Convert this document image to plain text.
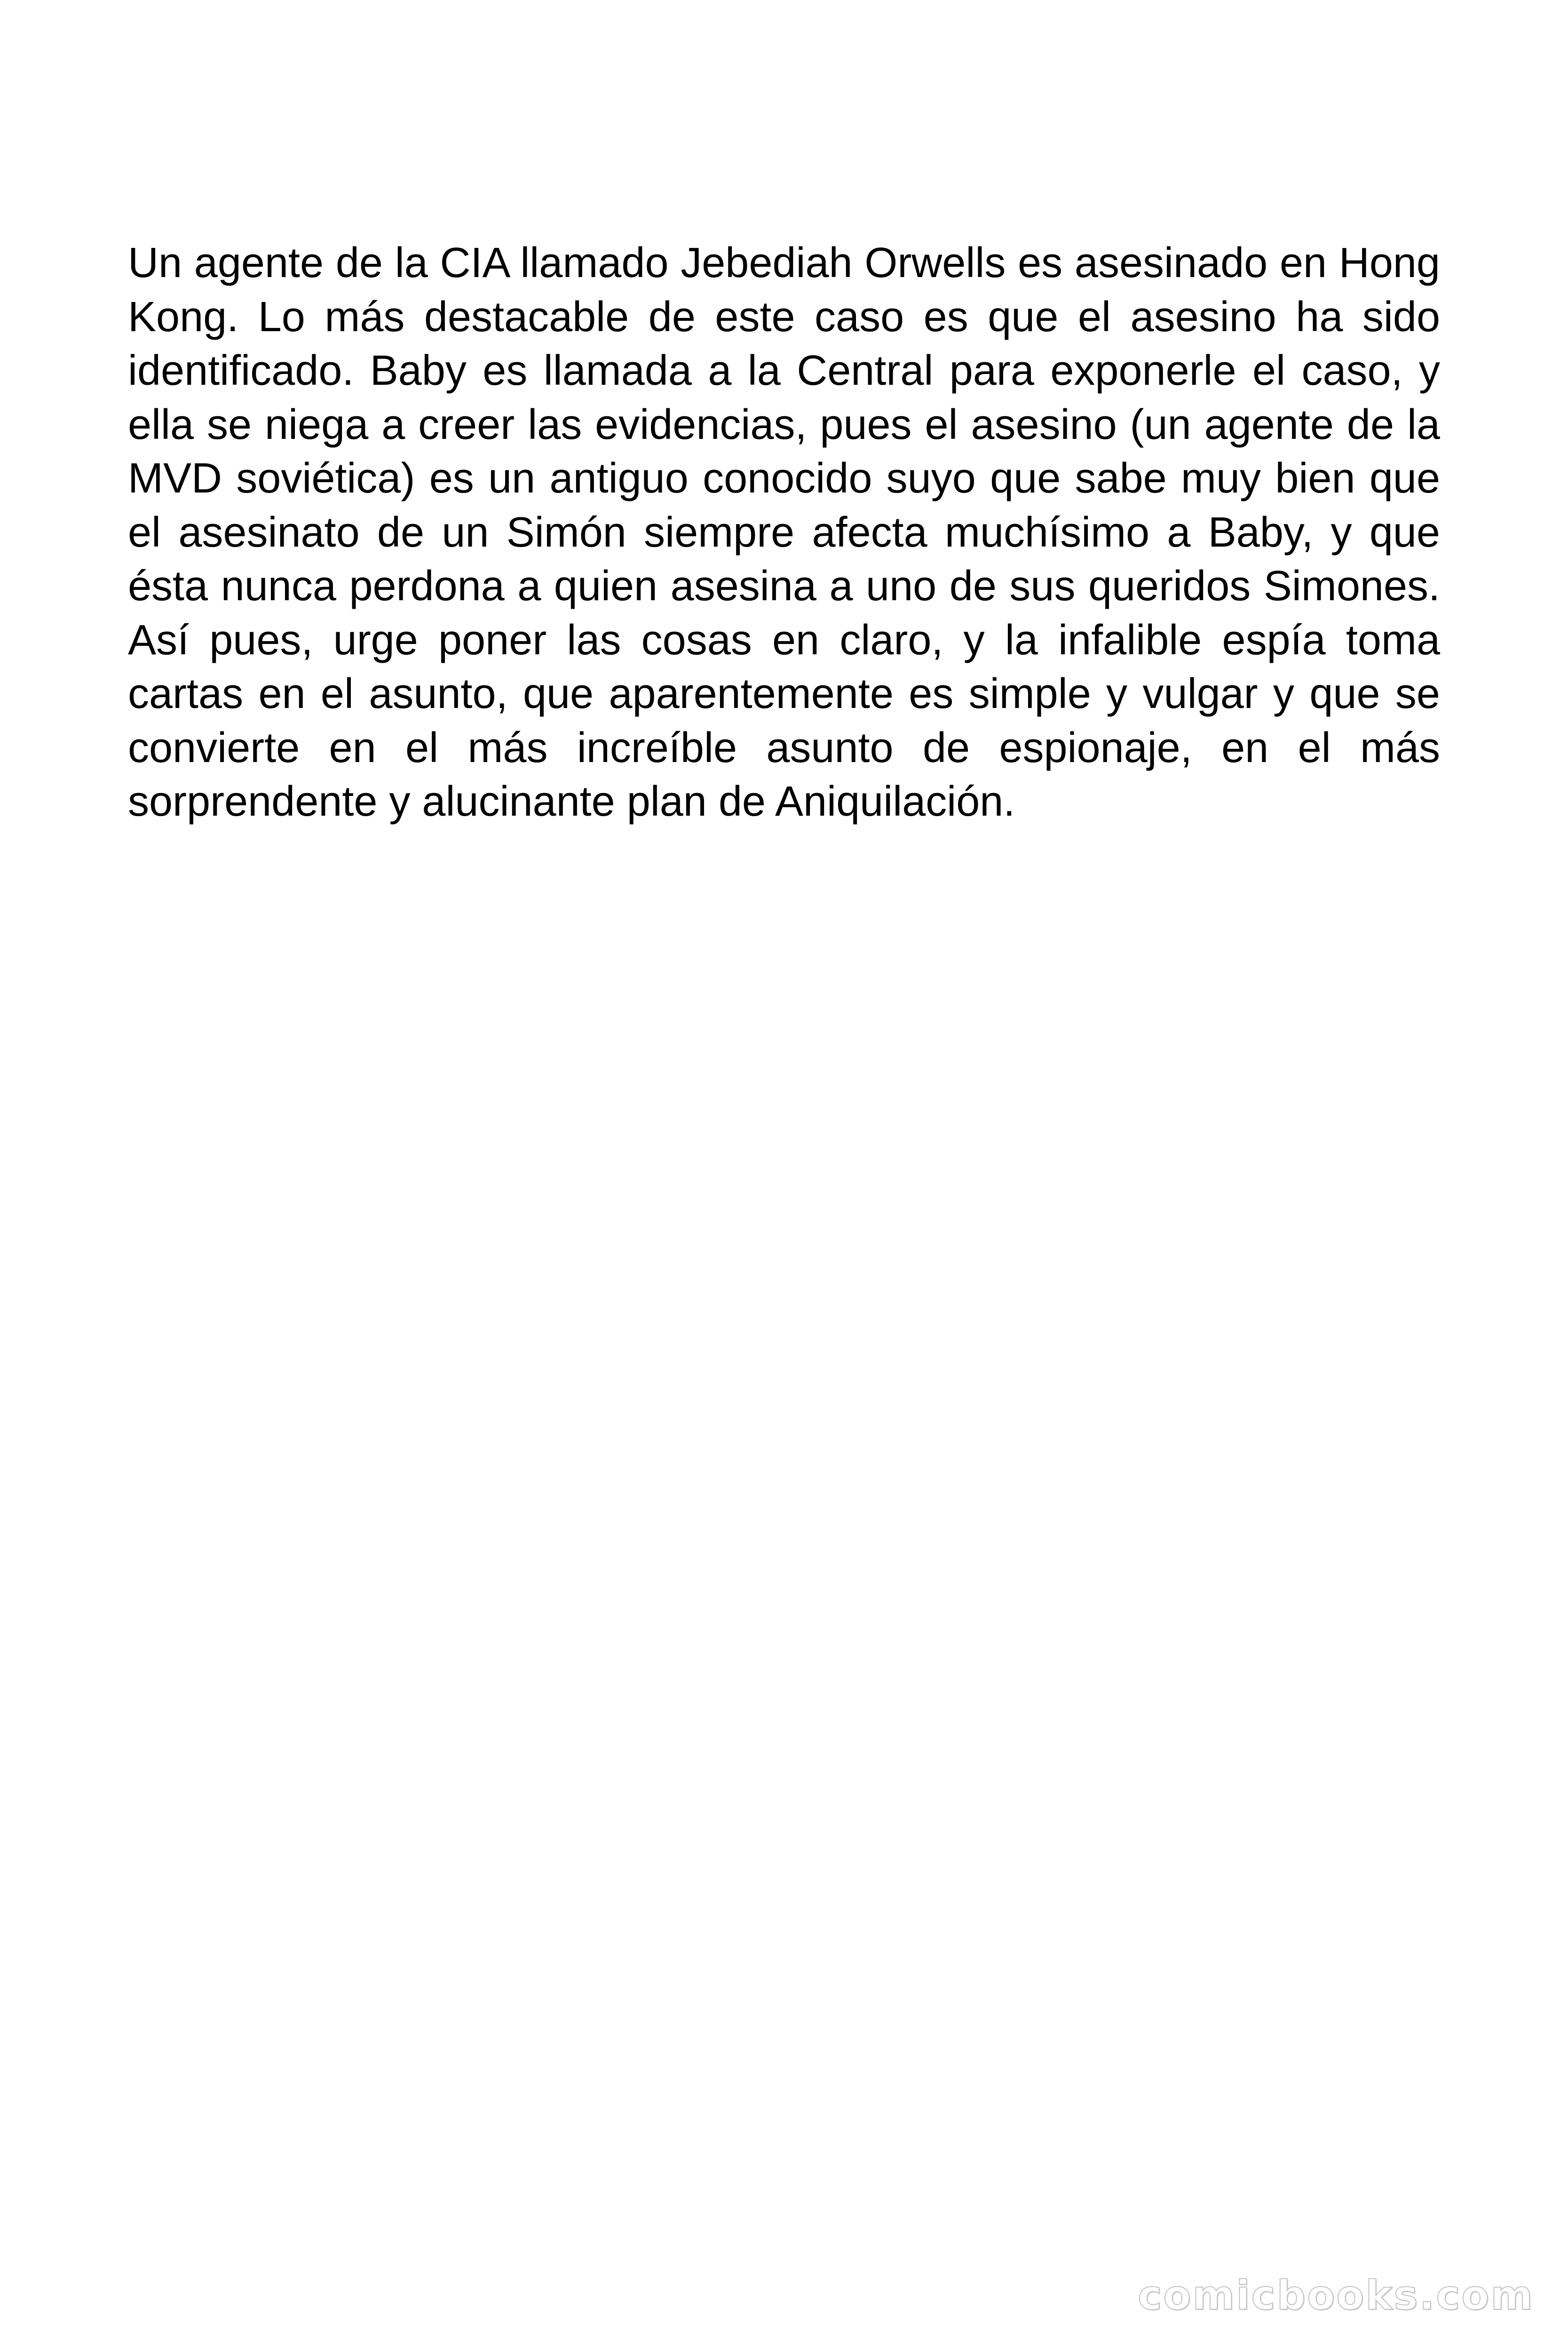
Un agente de la CIA llamado Jebediah Orwells es asesinado en Hong Kong. Lo más destacable de este caso es que el asesino ha sido identificado. Baby es llamada a la Central para exponerle el caso, y ella se niega a creer las evidencias, pues el asesino (un agente de la MVD soviética) es un antiguo conocido suyo que sabe muy bien que el asesinato de un Simón siempre afecta muchísimo a Baby, y que ésta nunca perdona a quien asesina a uno de sus queridos Simones. Así pues, urge poner las cosas en claro, y la infalible espía toma cartas en el asunto, que aparentemente es simple y vulgar y que se convierte en el más increíble asunto de espionaje, en el más sorprendente y alucinante plan de Aniquilación.

comicbooks.com
